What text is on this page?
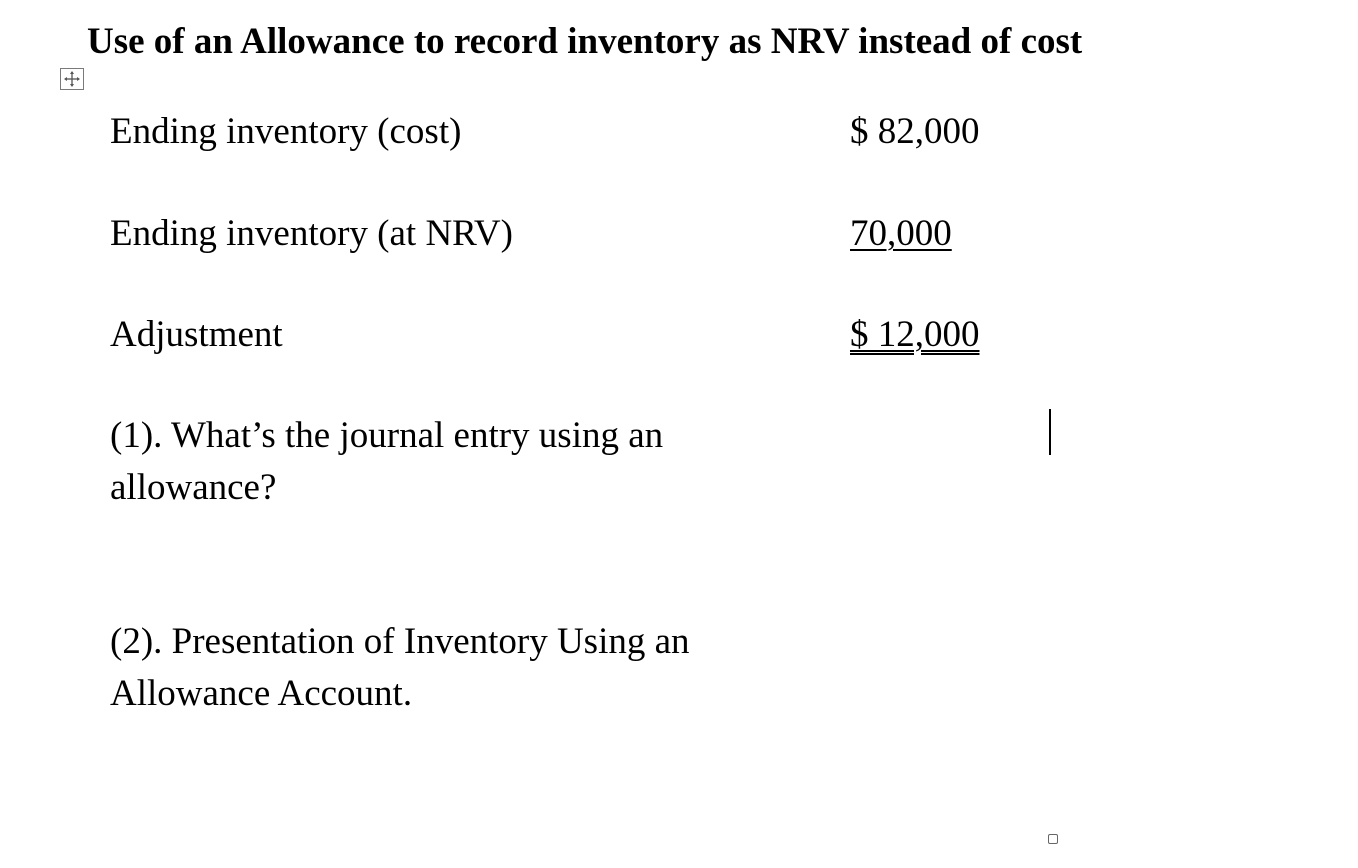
Use of an Allowance to record inventory as NRV instead of cost
Ending inventory (cost)	$ 82,000
Ending inventory (at NRV)	70,000
Adjustment	$ 12,000
(1). What’s the journal entry using an allowance?
(2). Presentation of Inventory Using an Allowance Account.
